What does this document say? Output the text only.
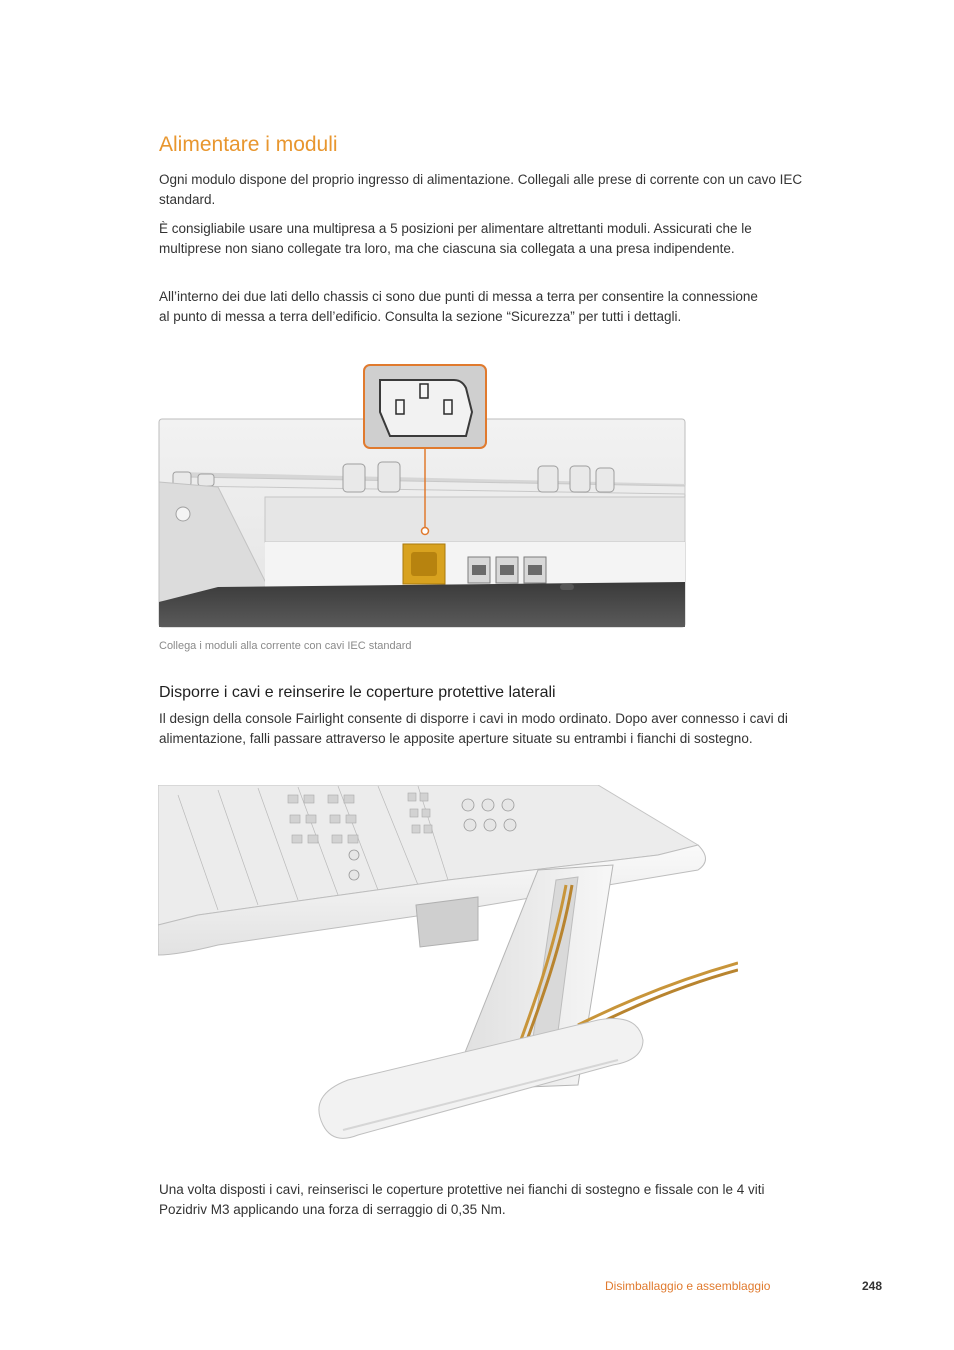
Alimentare i moduli

Ogni modulo dispone del proprio ingresso di alimentazione. Collegali alle prese di corrente con un cavo IEC standard.

È consigliabile usare una multipresa a 5 posizioni per alimentare altrettanti moduli. Assicurati che le multiprese non siano collegate tra loro, ma che ciascuna sia collegata a una presa indipendente.

All’interno dei due lati dello chassis ci sono due punti di messa a terra per consentire la connessione al punto di messa a terra dell’edificio. Consulta la sezione “Sicurezza” per tutti i dettagli.

Collega i moduli alla corrente con cavi IEC standard
Disporre i cavi e reinserire le coperture protettive laterali

Il design della console Fairlight consente di disporre i cavi in modo ordinato. Dopo aver connesso i cavi di alimentazione, falli passare attraverso le apposite aperture situate su entrambi i fianchi di sostegno.

Una volta disposti i cavi, reinserisci le coperture protettive nei fianchi di sostegno e fissale con le 4 viti Pozidriv M3 applicando una forza di serraggio di 0,35 Nm.

Disimballaggio e assemblaggio	248
